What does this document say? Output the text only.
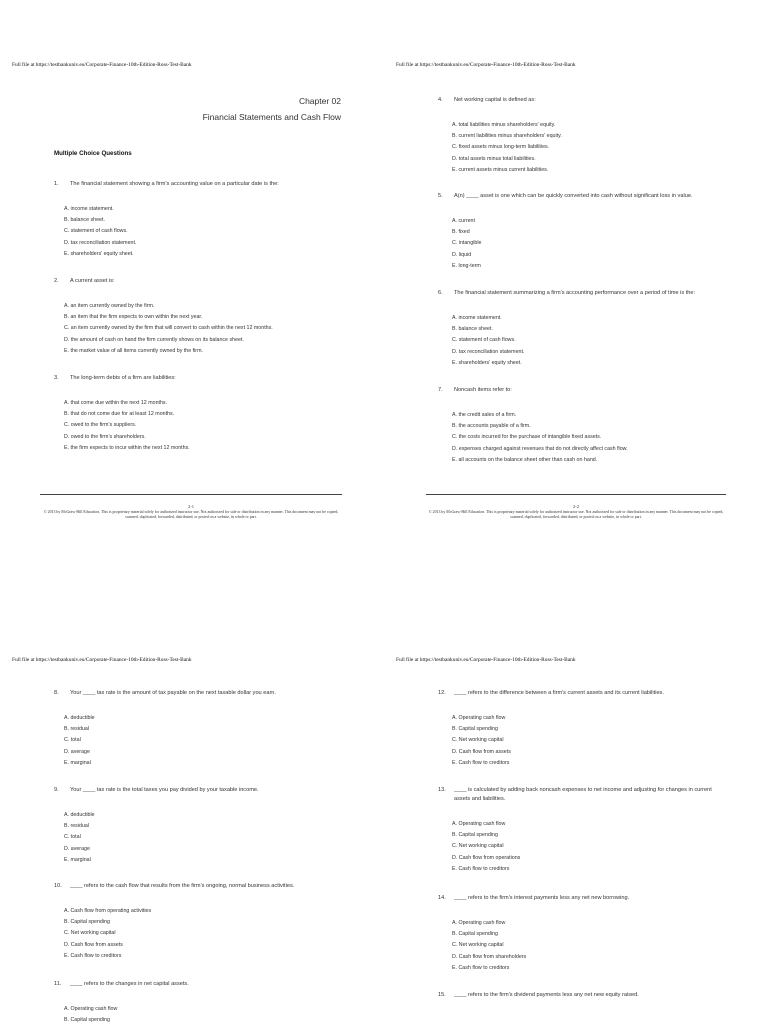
Full file at https://testbankuniv.eu/Corporate-Finance-10th-Edition-Ross-Test-Bank
Chapter 02
Financial Statements and Cash Flow
Multiple Choice Questions
1. The financial statement showing a firm's accounting value on a particular date is the:
A. income statement.
B. balance sheet.
C. statement of cash flows.
D. tax reconciliation statement.
E. shareholders' equity sheet.
2. A current asset is:
A. an item currently owned by the firm.
B. an item that the firm expects to own within the next year.
C. an item currently owned by the firm that will convert to cash within the next 12 months.
D. the amount of cash on hand the firm currently shows on its balance sheet.
E. the market value of all items currently owned by the firm.
3. The long-term debts of a firm are liabilities:
A. that come due within the next 12 months.
B. that do not come due for at least 12 months.
C. owed to the firm's suppliers.
D. owed to the firm's shareholders.
E. the firm expects to incur within the next 12 months.
2-1
© 2013 by McGraw-Hill Education. This is proprietary material solely for authorized instructor use. Not authorized for sale or distribution in any manner. This document may not be copied, scanned, duplicated, forwarded, distributed, or posted on a website, in whole or part.
Full file at https://testbankuniv.eu/Corporate-Finance-10th-Edition-Ross-Test-Bank
4. Net working capital is defined as:
A. total liabilities minus shareholders' equity.
B. current liabilities minus shareholders' equity.
C. fixed assets minus long-term liabilities.
D. total assets minus total liabilities.
E. current assets minus current liabilities.
5. A(n) ____ asset is one which can be quickly converted into cash without significant loss in value.
A. current
B. fixed
C. intangible
D. liquid
E. long-term
6. The financial statement summarizing a firm's accounting performance over a period of time is the:
A. income statement.
B. balance sheet.
C. statement of cash flows.
D. tax reconciliation statement.
E. shareholders' equity sheet.
7. Noncash items refer to:
A. the credit sales of a firm.
B. the accounts payable of a firm.
C. the costs incurred for the purchase of intangible fixed assets.
D. expenses charged against revenues that do not directly affect cash flow.
E. all accounts on the balance sheet other than cash on hand.
2-2
© 2013 by McGraw-Hill Education. This is proprietary material solely for authorized instructor use. Not authorized for sale or distribution in any manner. This document may not be copied, scanned, duplicated, forwarded, distributed, or posted on a website, in whole or part.
Full file at https://testbankuniv.eu/Corporate-Finance-10th-Edition-Ross-Test-Bank
8. Your ____ tax rate is the amount of tax payable on the next taxable dollar you earn.
A. deductible
B. residual
C. total
D. average
E. marginal
9. Your ____ tax rate is the total taxes you pay divided by your taxable income.
A. deductible
B. residual
C. total
D. average
E. marginal
10. ____ refers to the cash flow that results from the firm's ongoing, normal business activities.
A. Cash flow from operating activities
B. Capital spending
C. Net working capital
D. Cash flow from assets
E. Cash flow to creditors
11. ____ refers to the changes in net capital assets.
A. Operating cash flow
B. Capital spending
Full file at https://testbankuniv.eu/Corporate-Finance-10th-Edition-Ross-Test-Bank
12. ____ refers to the difference between a firm's current assets and its current liabilities.
A. Operating cash flow
B. Capital spending
C. Net working capital
D. Cash flow from assets
E. Cash flow to creditors
13. ____ is calculated by adding back noncash expenses to net income and adjusting for changes in current assets and liabilities.
A. Operating cash flow
B. Capital spending
C. Net working capital
D. Cash flow from operations
E. Cash flow to creditors
14. ____ refers to the firm's interest payments less any net new borrowing.
A. Operating cash flow
B. Capital spending
C. Net working capital
D. Cash flow from shareholders
E. Cash flow to creditors
15. ____ refers to the firm's dividend payments less any net new equity raised.
